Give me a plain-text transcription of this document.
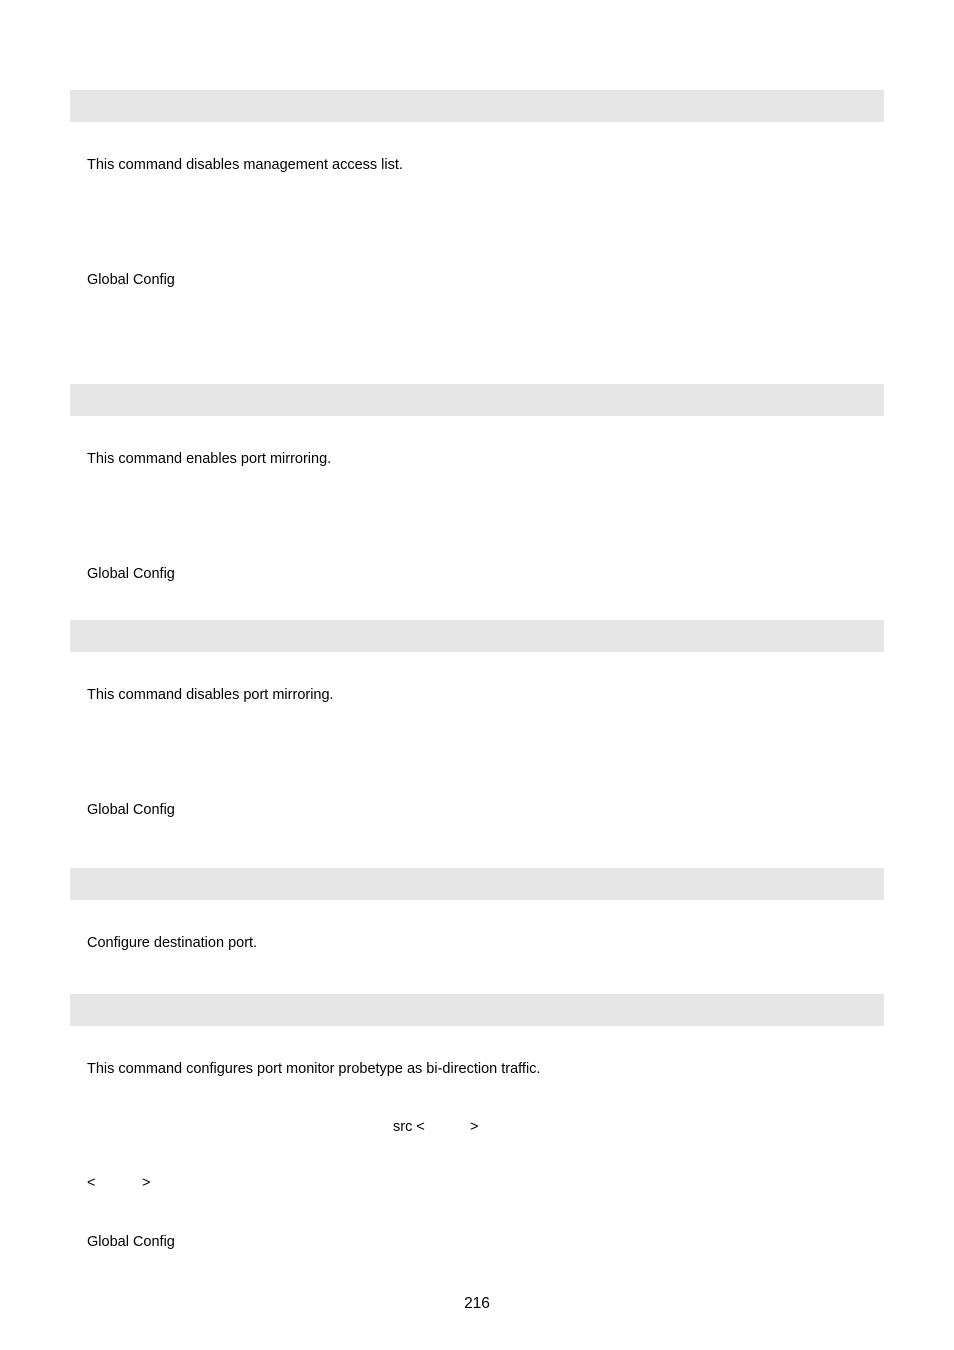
This command disables management access list.
Global Config
This command enables port mirroring.
Global Config
This command disables port mirroring.
Global Config
Configure destination port.
This command configures port monitor probetype as bi-direction traffic.
src <	>
<	>
Global Config
216
